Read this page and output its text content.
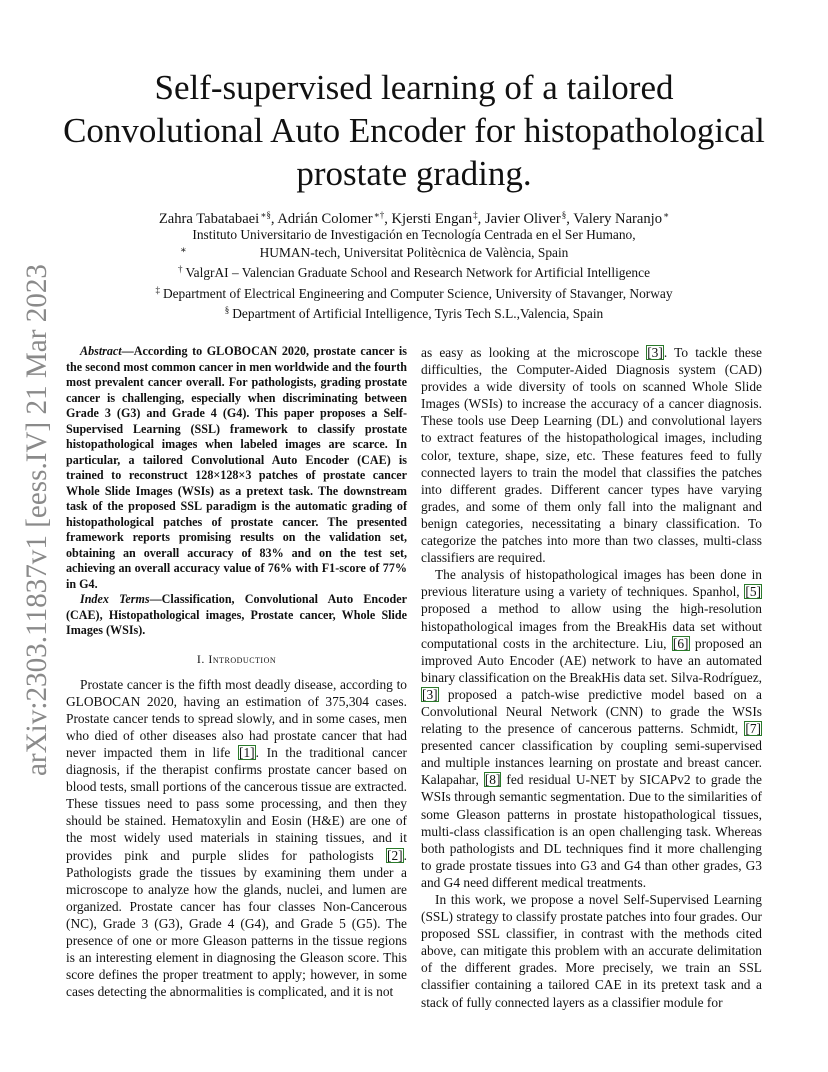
arXiv:2303.11837v1 [eess.IV] 21 Mar 2023
Self-supervised learning of a tailored
Convolutional Auto Encoder for histopathological
prostate grading.
Zahra Tabatabaei∗§, Adrián Colomer∗†, Kjersti Engan‡, Javier Oliver§, Valery Naranjo∗
Instituto Universitario de Investigación en Tecnología Centrada en el Ser Humano,
∗	HUMAN-tech, Universitat Politècnica de València, Spain
† ValgrAI – Valencian Graduate School and Research Network for Artificial Intelligence
‡ Department of Electrical Engineering and Computer Science, University of Stavanger, Norway
§ Department of Artificial Intelligence, Tyris Tech S.L.,Valencia, Spain

Abstract—According to GLOBOCAN 2020, prostate cancer is the second most common cancer in men worldwide and the fourth most prevalent cancer overall. For pathologists, grading prostate cancer is challenging, especially when discriminating between Grade 3 (G3) and Grade 4 (G4). This paper proposes a Self-Supervised Learning (SSL) framework to classify prostate histopathological images when labeled images are scarce. In particular, a tailored Convolutional Auto Encoder (CAE) is trained to reconstruct 128×128×3 patches of prostate cancer Whole Slide Images (WSIs) as a pretext task. The downstream task of the proposed SSL paradigm is the automatic grading of histopathological patches of prostate cancer. The presented framework reports promising results on the validation set, obtaining an overall accuracy of 83% and on the test set, achieving an overall accuracy value of 76% with F1-score of 77% in G4.

Index Terms—Classification, Convolutional Auto Encoder (CAE), Histopathological images, Prostate cancer, Whole Slide Images (WSIs).

I. Introduction

Prostate cancer is the fifth most deadly disease, according to GLOBOCAN 2020, having an estimation of 375,304 cases. Prostate cancer tends to spread slowly, and in some cases, men who died of other diseases also had prostate cancer that had never impacted them in life [1]. In the traditional cancer diagnosis, if the therapist confirms prostate cancer based on blood tests, small portions of the cancerous tissue are extracted. These tissues need to pass some processing, and then they should be stained. Hematoxylin and Eosin (H&E) are one of the most widely used materials in staining tissues, and it provides pink and purple slides for pathologists [2]. Pathologists grade the tissues by examining them under a microscope to analyze how the glands, nuclei, and lumen are organized. Prostate cancer has four classes Non-Cancerous (NC), Grade 3 (G3), Grade 4 (G4), and Grade 5 (G5). The presence of one or more Gleason patterns in the tissue regions is an interesting element in diagnosing the Gleason score. This score defines the proper treatment to apply; however, in some cases detecting the abnormalities is complicated, and it is not

as easy as looking at the microscope [3]. To tackle these difficulties, the Computer-Aided Diagnosis system (CAD) provides a wide diversity of tools on scanned Whole Slide Images (WSIs) to increase the accuracy of a cancer diagnosis. These tools use Deep Learning (DL) and convolutional layers to extract features of the histopathological images, including color, texture, shape, size, etc. These features feed to fully connected layers to train the model that classifies the patches into different grades. Different cancer types have varying grades, and some of them only fall into the malignant and benign categories, necessitating a binary classification. To categorize the patches into more than two classes, multi-class classifiers are required.

The analysis of histopathological images has been done in previous literature using a variety of techniques. Spanhol, [5] proposed a method to allow using the high-resolution histopathological images from the BreakHis data set without computational costs in the architecture. Liu, [6] proposed an improved Auto Encoder (AE) network to have an automated binary classification on the BreakHis data set. Silva-Rodríguez, [3] proposed a patch-wise predictive model based on a Convolutional Neural Network (CNN) to grade the WSIs relating to the presence of cancerous patterns. Schmidt, [7] presented cancer classification by coupling semi-supervised and multiple instances learning on prostate and breast cancer. Kalapahar, [8] fed residual U-NET by SICAPv2 to grade the WSIs through semantic segmentation. Due to the similarities of some Gleason patterns in prostate histopathological tissues, multi-class classification is an open challenging task. Whereas both pathologists and DL techniques find it more challenging to grade prostate tissues into G3 and G4 than other grades, G3 and G4 need different medical treatments.

In this work, we propose a novel Self-Supervised Learning (SSL) strategy to classify prostate patches into four grades. Our proposed SSL classifier, in contrast with the methods cited above, can mitigate this problem with an accurate delimitation of the different grades. More precisely, we train an SSL classifier containing a tailored CAE in its pretext task and a stack of fully connected layers as a classifier module for
